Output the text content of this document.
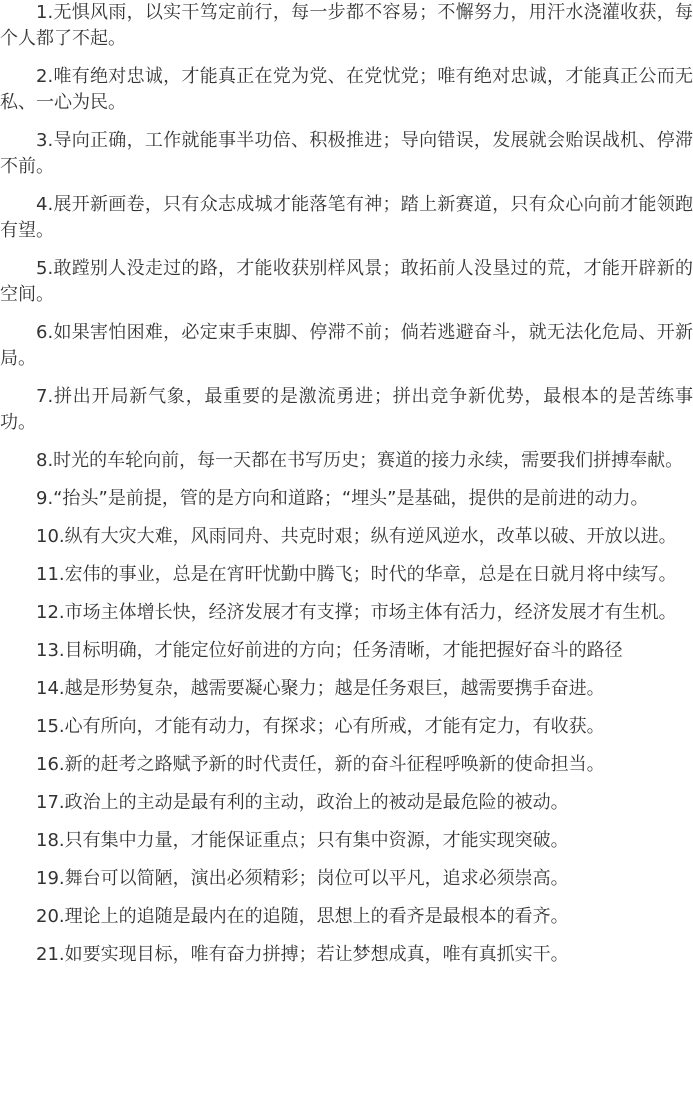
1.无惧风雨，以实干笃定前行，每一步都不容易；不懈努力，用汗水浇灌收获，每个人都了不起。

2.唯有绝对忠诚，才能真正在党为党、在党忧党；唯有绝对忠诚，才能真正公而无私、一心为民。

3.导向正确，工作就能事半功倍、积极推进；导向错误，发展就会贻误战机、停滞不前。

4.展开新画卷，只有众志成城才能落笔有神；踏上新赛道，只有众心向前才能领跑有望。

5.敢蹚别人没走过的路，才能收获别样风景；敢拓前人没垦过的荒，才能开辟新的空间。

6.如果害怕困难，必定束手束脚、停滞不前；倘若逃避奋斗，就无法化危局、开新局。

7.拼出开局新气象，最重要的是激流勇进；拼出竞争新优势，最根本的是苦练事功。

8.时光的车轮向前，每一天都在书写历史；赛道的接力永续，需要我们拼搏奉献。

9.“抬头”是前提，管的是方向和道路；“埋头”是基础，提供的是前进的动力。

10.纵有大灾大难，风雨同舟、共克时艰；纵有逆风逆水，改革以破、开放以进。

11.宏伟的事业，总是在宵旰忧勤中腾飞；时代的华章，总是在日就月将中续写。

12.市场主体增长快，经济发展才有支撑；市场主体有活力，经济发展才有生机。

13.目标明确，才能定位好前进的方向；任务清晰，才能把握好奋斗的路径

14.越是形势复杂，越需要凝心聚力；越是任务艰巨，越需要携手奋进。

15.心有所向，才能有动力，有探求；心有所戒，才能有定力，有收获。

16.新的赶考之路赋予新的时代责任，新的奋斗征程呼唤新的使命担当。

17.政治上的主动是最有利的主动，政治上的被动是最危险的被动。

18.只有集中力量，才能保证重点；只有集中资源，才能实现突破。

19.舞台可以简陋，演出必须精彩；岗位可以平凡，追求必须崇高。

20.理论上的追随是最内在的追随，思想上的看齐是最根本的看齐。

21.如要实现目标，唯有奋力拼搏；若让梦想成真，唯有真抓实干。
